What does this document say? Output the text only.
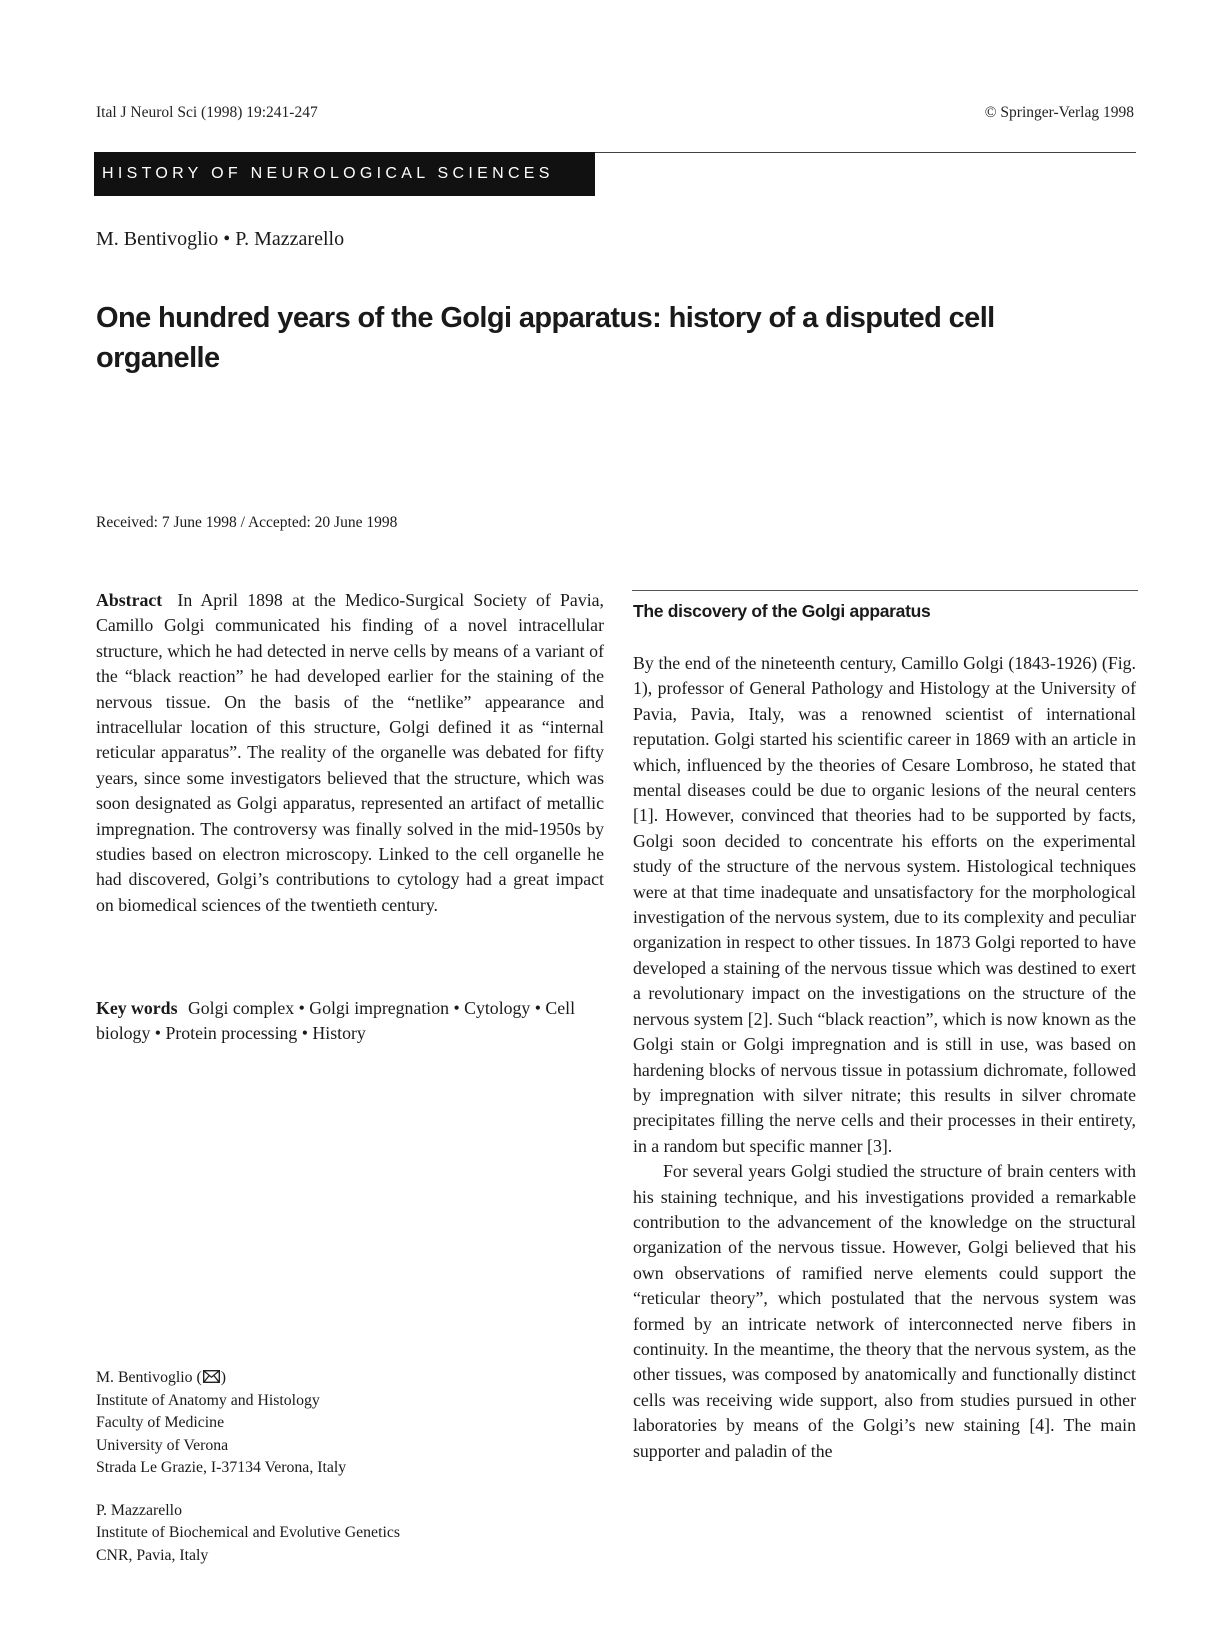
Ital J Neurol Sci (1998) 19:241-247	© Springer-Verlag 1998
HISTORY OF NEUROLOGICAL SCIENCES
M. Bentivoglio • P. Mazzarello
One hundred years of the Golgi apparatus: history of a disputed cell organelle
Received: 7 June 1998 / Accepted: 20 June 1998
Abstract In April 1898 at the Medico-Surgical Society of Pavia, Camillo Golgi communicated his finding of a novel intracellular structure, which he had detected in nerve cells by means of a variant of the “black reaction” he had developed earlier for the staining of the nervous tissue. On the basis of the “netlike” appearance and intracellular location of this structure, Golgi defined it as “internal reticular apparatus”. The reality of the organelle was debated for fifty years, since some investigators believed that the structure, which was soon designated as Golgi apparatus, represented an artifact of metallic impregnation. The controversy was finally solved in the mid-1950s by studies based on electron microscopy. Linked to the cell organelle he had discovered, Golgi’s contributions to cytology had a great impact on biomedical sciences of the twentieth century.
Key words Golgi complex • Golgi impregnation • Cytology • Cell biology • Protein processing • History

M. Bentivoglio ( )

Institute of Anatomy and Histology

Faculty of Medicine

University of Verona

Strada Le Grazie, I-37134 Verona, Italy

P. Mazzarello

Institute of Biochemical and Evolutive Genetics

CNR, Pavia, Italy

The discovery of the Golgi apparatus

By the end of the nineteenth century, Camillo Golgi (1843-1926) (Fig. 1), professor of General Pathology and Histology at the University of Pavia, Pavia, Italy, was a renowned scientist of international reputation. Golgi started his scientific career in 1869 with an article in which, influenced by the theories of Cesare Lombroso, he stated that mental diseases could be due to organic lesions of the neural centers [1]. However, convinced that theories had to be supported by facts, Golgi soon decided to concentrate his efforts on the experimental study of the structure of the nervous system. Histological techniques were at that time inadequate and unsatisfactory for the morphological investigation of the nervous system, due to its complexity and peculiar organization in respect to other tissues. In 1873 Golgi reported to have developed a staining of the nervous tissue which was destined to exert a revolutionary impact on the investigations on the structure of the nervous system [2]. Such “black reaction”, which is now known as the Golgi stain or Golgi impregnation and is still in use, was based on hardening blocks of nervous tissue in potassium dichromate, followed by impregnation with silver nitrate; this results in silver chromate precipitates filling the nerve cells and their processes in their entirety, in a random but specific manner [3].

For several years Golgi studied the structure of brain centers with his staining technique, and his investigations provided a remarkable contribution to the advancement of the knowledge on the structural organization of the nervous tissue. However, Golgi believed that his own observations of ramified nerve elements could support the “reticular theory”, which postulated that the nervous system was formed by an intricate network of interconnected nerve fibers in continuity. In the meantime, the theory that the nervous system, as the other tissues, was composed by anatomically and functionally distinct cells was receiving wide support, also from studies pursued in other laboratories by means of the Golgi’s new staining [4]. The main supporter and paladin of the
